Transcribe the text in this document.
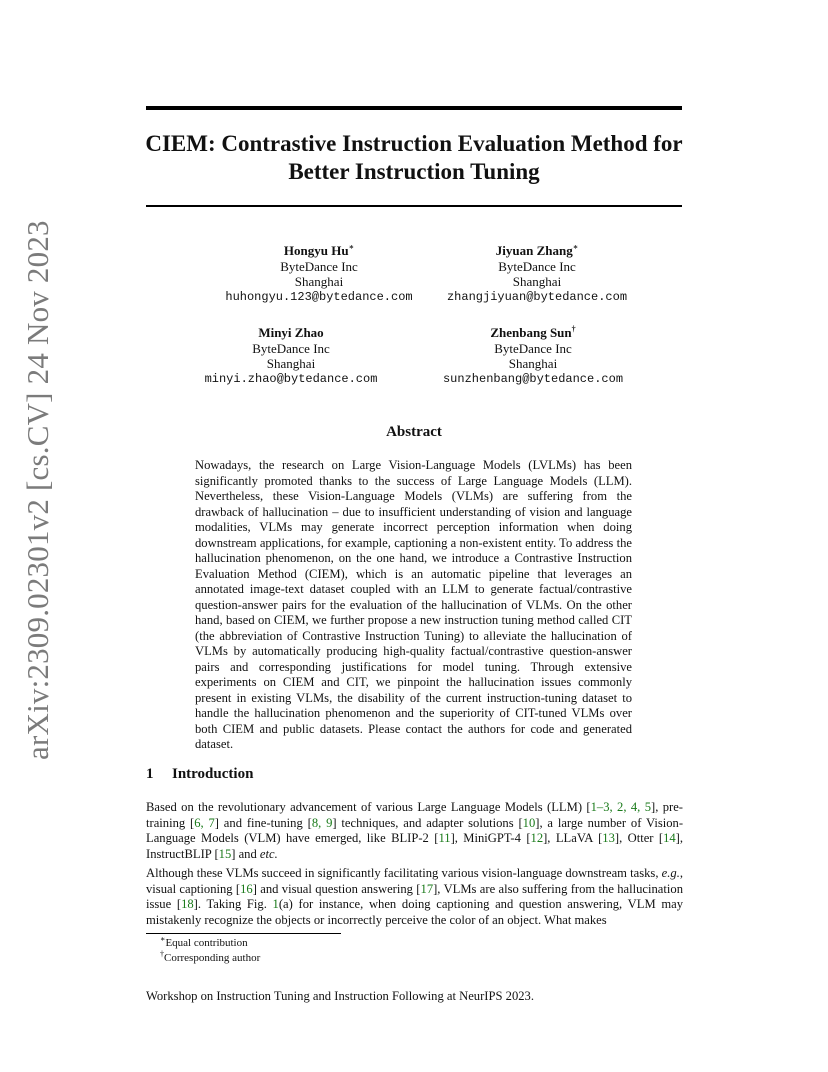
arXiv:2309.02301v2 [cs.CV] 24 Nov 2023
CIEM: Contrastive Instruction Evaluation Method for
Better Instruction Tuning
Hongyu Hu∗
ByteDance Inc
Shanghai
huhongyu.123@bytedance.com
Jiyuan Zhang∗
ByteDance Inc
Shanghai
zhangjiyuan@bytedance.com
Minyi Zhao
ByteDance Inc
Shanghai
minyi.zhao@bytedance.com
Zhenbang Sun†
ByteDance Inc
Shanghai
sunzhenbang@bytedance.com
Abstract

Nowadays, the research on Large Vision-Language Models (LVLMs) has been significantly promoted thanks to the success of Large Language Models (LLM). Nevertheless, these Vision-Language Models (VLMs) are suffering from the drawback of hallucination – due to insufficient understanding of vision and language modalities, VLMs may generate incorrect perception information when doing downstream applications, for example, captioning a non-existent entity. To address the hallucination phenomenon, on the one hand, we introduce a Contrastive Instruction Evaluation Method (CIEM), which is an automatic pipeline that leverages an annotated image-text dataset coupled with an LLM to generate factual/contrastive question-answer pairs for the evaluation of the hallucination of VLMs. On the other hand, based on CIEM, we further propose a new instruction tuning method called CIT (the abbreviation of Contrastive Instruction Tuning) to alleviate the hallucination of VLMs by automatically producing high-quality factual/contrastive question-answer pairs and corresponding justifications for model tuning. Through extensive experiments on CIEM and CIT, we pinpoint the hallucination issues commonly present in existing VLMs, the disability of the current instruction-tuning dataset to handle the hallucination phenomenon and the superiority of CIT-tuned VLMs over both CIEM and public datasets. Please contact the authors for code and generated dataset.

1 Introduction

Based on the revolutionary advancement of various Large Language Models (LLM) [1–3, 2, 4, 5], pre-training [6, 7] and fine-tuning [8, 9] techniques, and adapter solutions [10], a large number of Vision-Language Models (VLM) have emerged, like BLIP-2 [11], MiniGPT-4 [12], LLaVA [13], Otter [14], InstructBLIP [15] and etc.

Although these VLMs succeed in significantly facilitating various vision-language downstream tasks, e.g., visual captioning [16] and visual question answering [17], VLMs are also suffering from the hallucination issue [18]. Taking Fig. 1(a) for instance, when doing captioning and question answering, VLM may mistakenly recognize the objects or incorrectly perceive the color of an object. What makes

∗Equal contribution
†Corresponding author
Workshop on Instruction Tuning and Instruction Following at NeurIPS 2023.
